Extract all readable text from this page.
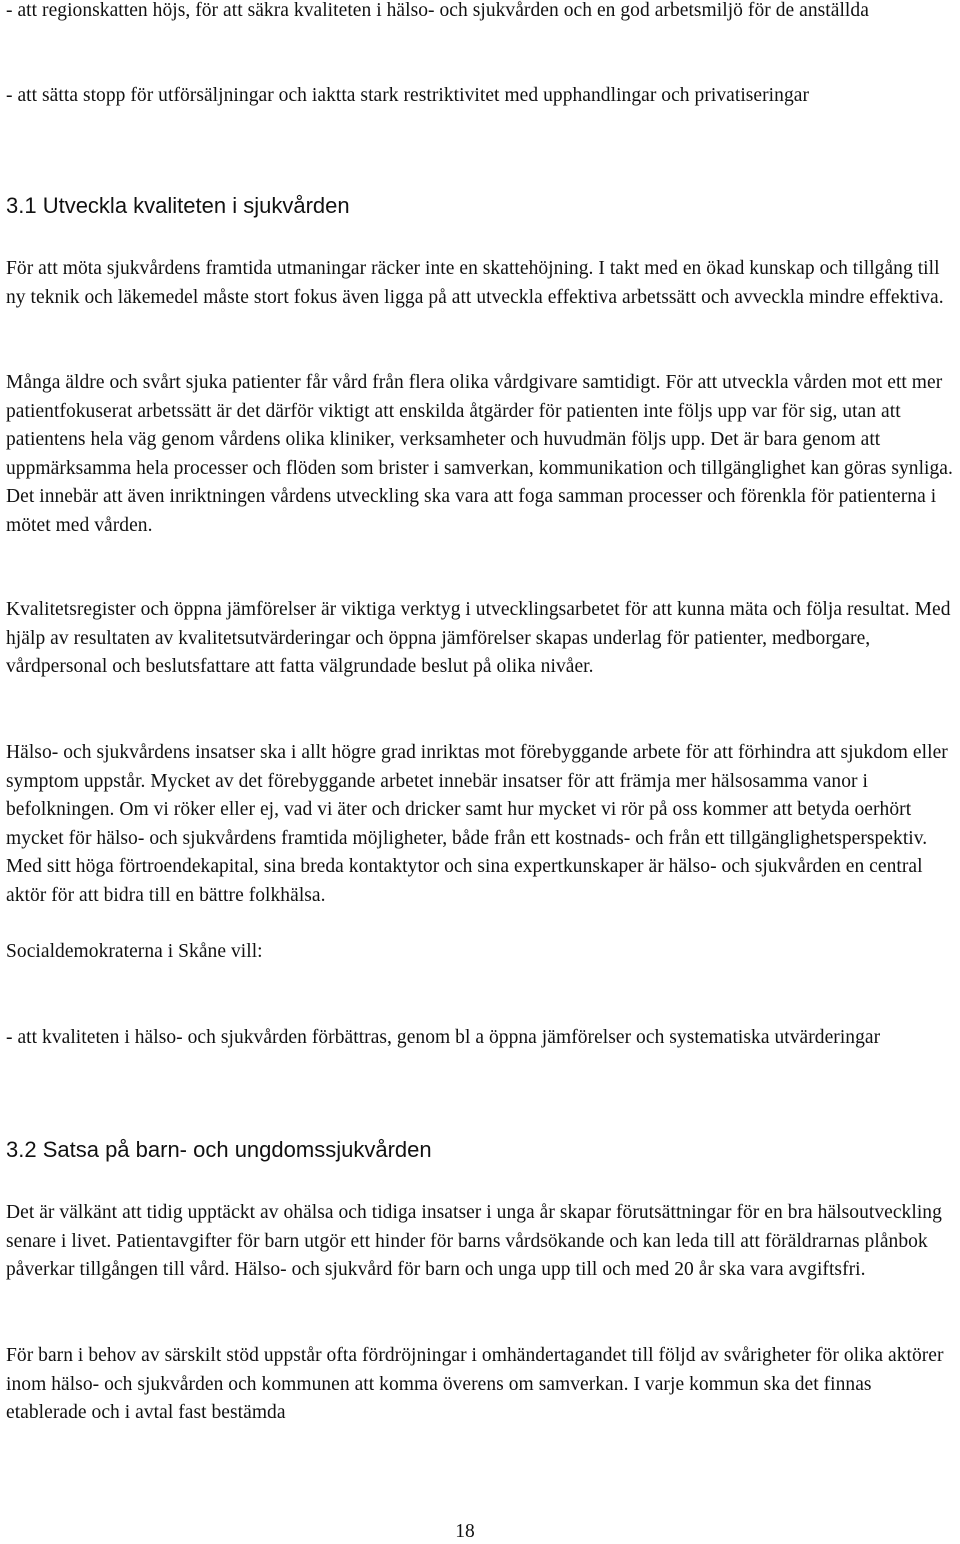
- att regionskatten höjs, för att säkra kvaliteten i hälso- och sjukvården och en god arbetsmiljö för de anställda

- att sätta stopp för utförsäljningar och iaktta stark restriktivitet med upphandlingar och privatiseringar

3.1 Utveckla kvaliteten i sjukvården

För att möta sjukvårdens framtida utmaningar räcker inte en skattehöjning. I takt med en ökad kunskap och tillgång till ny teknik och läkemedel måste stort fokus även ligga på att utveckla effektiva arbetssätt och avveckla mindre effektiva.

Många äldre och svårt sjuka patienter får vård från flera olika vårdgivare samtidigt. För att utveckla vården mot ett mer patientfokuserat arbetssätt är det därför viktigt att enskilda åtgärder för patienten inte följs upp var för sig, utan att patientens hela väg genom vårdens olika kliniker, verksamheter och huvudmän följs upp. Det är bara genom att uppmärksamma hela processer och flöden som brister i samverkan, kommunikation och tillgänglighet kan göras synliga. Det innebär att även inriktningen vårdens utveckling ska vara att foga samman processer och förenkla för patienterna i mötet med vården.

Kvalitetsregister och öppna jämförelser är viktiga verktyg i utvecklingsarbetet för att kunna mäta och följa resultat. Med hjälp av resultaten av kvalitetsutvärderingar och öppna jämförelser skapas underlag för patienter, medborgare, vårdpersonal och beslutsfattare att fatta välgrundade beslut på olika nivåer.

Hälso- och sjukvårdens insatser ska i allt högre grad inriktas mot förebyggande arbete för att förhindra att sjukdom eller symptom uppstår. Mycket av det förebyggande arbetet innebär insatser för att främja mer hälsosamma vanor i befolkningen. Om vi röker eller ej, vad vi äter och dricker samt hur mycket vi rör på oss kommer att betyda oerhört mycket för hälso- och sjukvårdens framtida möjligheter, både från ett kostnads- och från ett tillgänglighetsperspektiv. Med sitt höga förtroendekapital, sina breda kontaktytor och sina expertkunskaper är hälso- och sjukvården en central aktör för att bidra till en bättre folkhälsa.

Socialdemokraterna i Skåne vill:

- att kvaliteten i hälso- och sjukvården förbättras, genom bl a öppna jämförelser och systematiska utvärderingar

3.2 Satsa på barn- och ungdomssjukvården

Det är välkänt att tidig upptäckt av ohälsa och tidiga insatser i unga år skapar förutsättningar för en bra hälsoutveckling senare i livet. Patientavgifter för barn utgör ett hinder för barns vårdsökande och kan leda till att föräldrarnas plånbok påverkar tillgången till vård. Hälso- och sjukvård för barn och unga upp till och med 20 år ska vara avgiftsfri.

För barn i behov av särskilt stöd uppstår ofta fördröjningar i omhändertagandet till följd av svårigheter för olika aktörer inom hälso- och sjukvården och kommunen att komma överens om samverkan. I varje kommun ska det finnas etablerade och i avtal fast bestämda

18
